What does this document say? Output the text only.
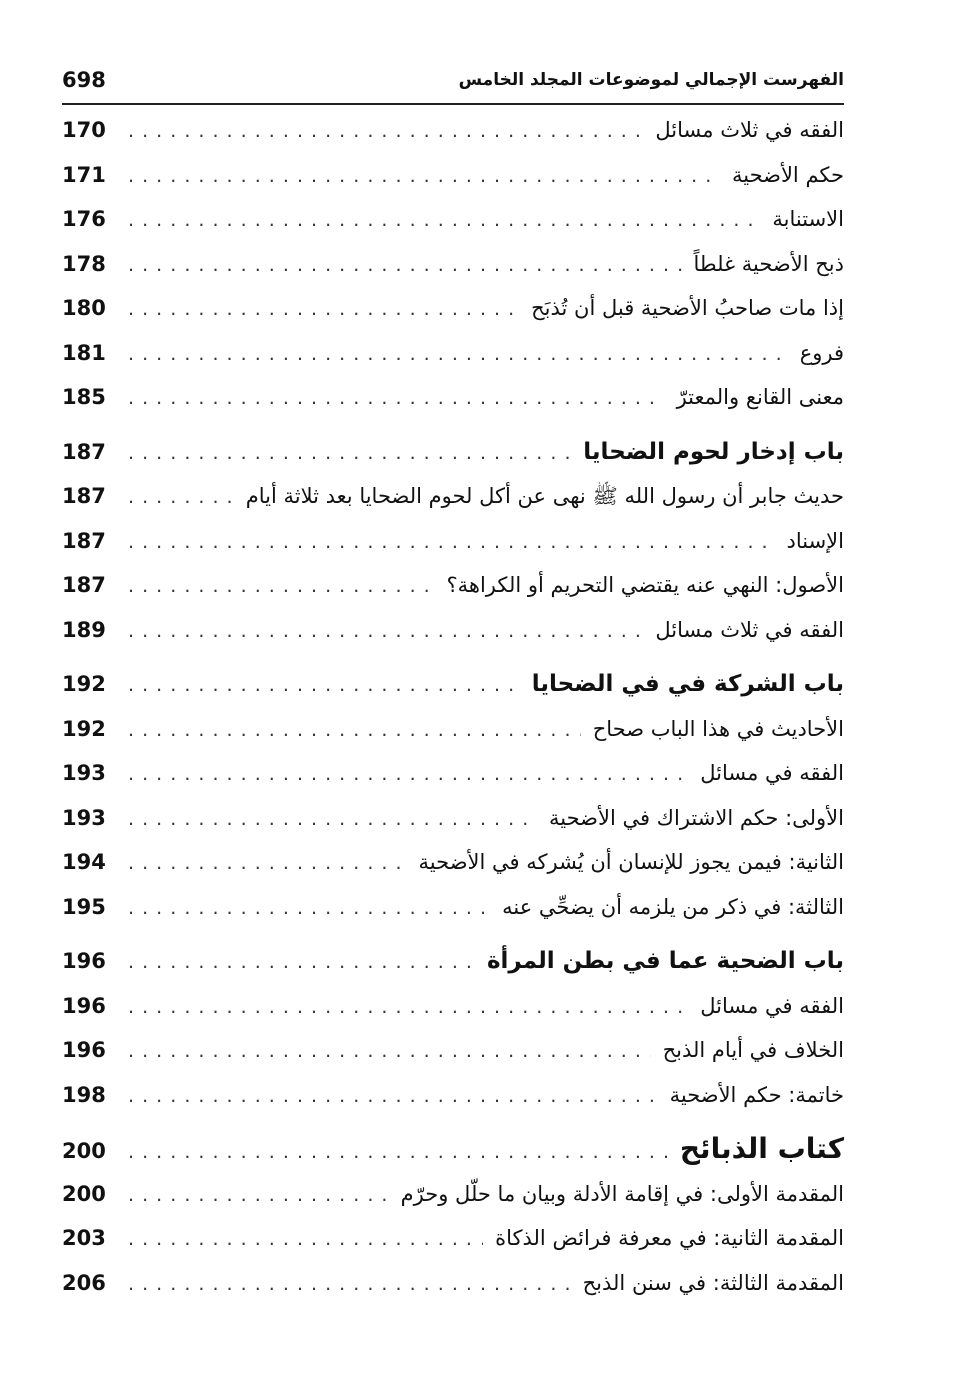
الفهرست الإجمالي لموضوعات المجلد الخامس
698
الفقه في ثلاث مسائل
. . .
170
حكم الأضحية
. . .
171
الاستنابة
. . .
176
ذبح الأضحية غلطاً
. . .
178
إذا مات صاحبُ الأضحية قبل أن تُذبَح
. . .
180
فروع
. . .
181
معنى القانع والمعترّ
. . .
185
باب إدخار لحوم الضحايا
. . .
187
حديث جابر أن رسول الله ﷺ نهى عن أكل لحوم الضحايا بعد ثلاثة أيام
. . .
187
الإسناد
. . .
187
الأصول: النهي عنه يقتضي التحريم أو الكراهة؟
. . .
187
الفقه في ثلاث مسائل
. . .
189
باب الشركة في في الضحايا
. . .
192
الأحاديث في هذا الباب صحاح
. . .
192
الفقه في مسائل
. . .
193
الأولى: حكم الاشتراك في الأضحية
. . .
193
الثانية: فيمن يجوز للإنسان أن يُشركه في الأضحية
. . .
194
الثالثة: في ذكر من يلزمه أن يضحِّي عنه
. . .
195
باب الضحية عما في بطن المرأة
. . .
196
الفقه في مسائل
. . .
196
الخلاف في أيام الذبح
. . .
196
خاتمة: حكم الأضحية
. . .
198
كتاب الذبائح
. . .
200
المقدمة الأولى: في إقامة الأدلة وبيان ما حلّل وحرّم
. . .
200
المقدمة الثانية: في معرفة فرائض الذكاة
. . .
203
المقدمة الثالثة: في سنن الذبح
. . .
206
